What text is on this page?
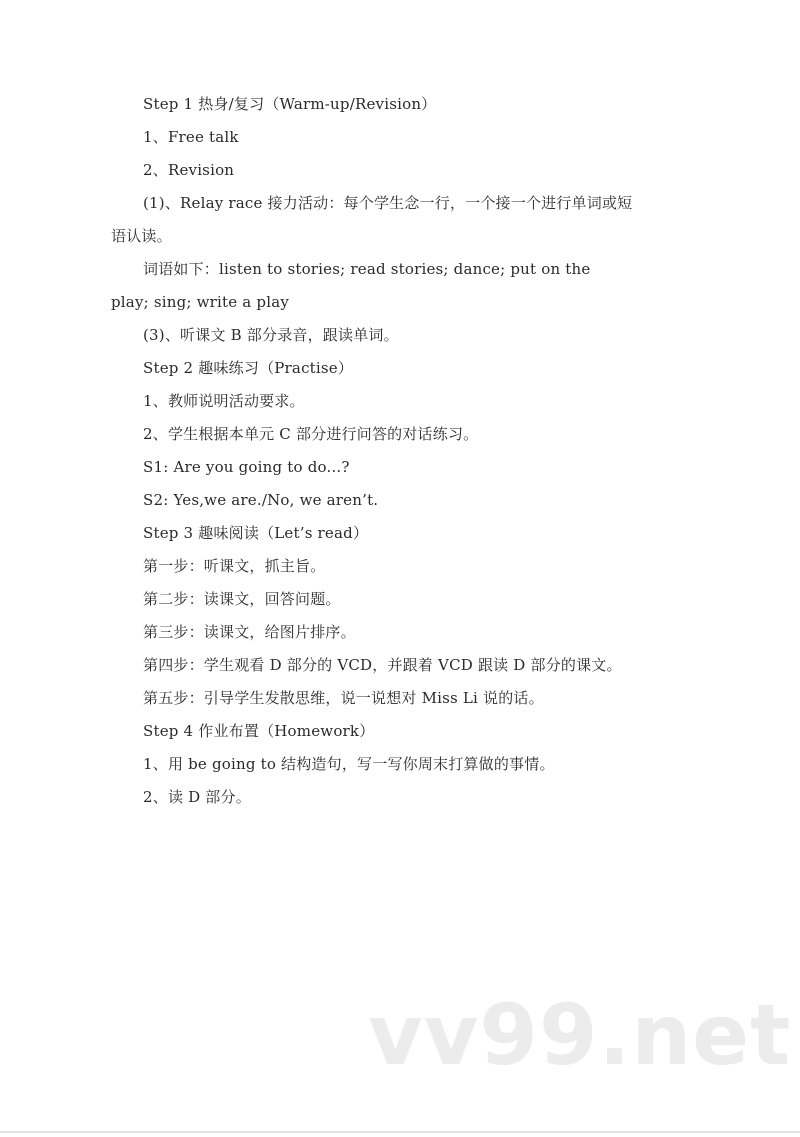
Step 1 热身/复习（Warm-up/Revision）
1、Free talk
2、Revision
(1)、Relay race 接力活动：每个学生念一行，一个接一个进行单词或短
语认读。
词语如下：listen to stories; read stories; dance; put on the
play; sing; write a play
(3)、听课文 B 部分录音，跟读单词。
Step 2 趣味练习（Practise）
1、教师说明活动要求。
2、学生根据本单元 C 部分进行问答的对话练习。
S1: Are you going to do...?
S2: Yes,we are./No, we aren’t.
Step 3 趣味阅读（Let’s read）
第一步：听课文，抓主旨。
第二步：读课文，回答问题。
第三步：读课文，给图片排序。
第四步：学生观看 D 部分的 VCD，并跟着 VCD 跟读 D 部分的课文。
第五步：引导学生发散思维，说一说想对 Miss Li 说的话。
Step 4 作业布置（Homework）
1、用 be going to 结构造句，写一写你周末打算做的事情。
2、读 D 部分。
vv99.net
